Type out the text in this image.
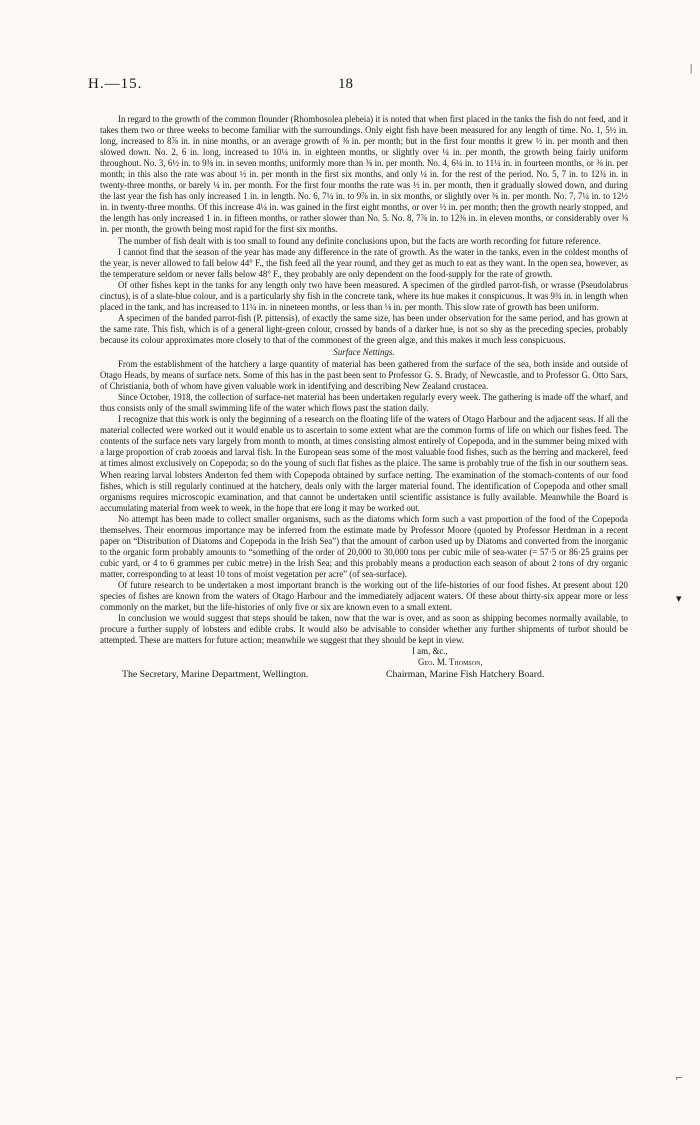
H.—15.	18

In regard to the growth of the common flounder (Rhombosolea plebeia) it is noted that when first placed in the tanks the fish do not feed, and it takes them two or three weeks to become familiar with the surroundings. Only eight fish have been measured for any length of time. No. 1, 5½ in. long, increased to 8⅞ in. in nine months, or an average growth of ⅜ in. per month; but in the first four months it grew ½ in. per month and then slowed down. No. 2, 6 in. long, increased to 10¼ in. in eighteen months, or slightly over ¼ in. per month, the growth being fairly uniform throughout. No. 3, 6½ in. to 9⅜ in. in seven months, uniformly more than ⅜ in. per month. No. 4, 6¼ in. to 11¼ in. in fourteen months, or ⅜ in. per month; in this also the rate was about ½ in. per month in the first six months, and only ¼ in. for the rest of the period. No. 5, 7 in. to 12¾ in. in twenty-three months, or barely ¼ in. per month. For the first four months the rate was ½ in. per month, then it gradually slowed down, and during the last year the fish has only increased 1 in. in length. No. 6, 7¼ in. to 9⅞ in. in six months, or slightly over ⅜ in. per month. No. 7, 7¼ in. to 12½ in. in twenty-three months. Of this increase 4¼ in. was gained in the first eight months, or over ½ in. per month; then the growth nearly stopped, and the length has only increased 1 in. in fifteen months, or rather slower than No. 5. No. 8, 7⅞ in. to 12⅜ in. in eleven months, or considerably over ⅜ in. per month, the growth being most rapid for the first six months.

The number of fish dealt with is too small to found any definite conclusions upon, but the facts are worth recording for future reference.

I cannot find that the season of the year has made any difference in the rate of growth. As the water in the tanks, even in the coldest months of the year, is never allowed to fall below 44° F., the fish feed all the year round, and they get as much to eat as they want. In the open sea, however, as the temperature seldom or never falls below 48° F., they probably are only dependent on the food-supply for the rate of growth.

Of other fishes kept in the tanks for any length only two have been measured. A specimen of the girdled parrot-fish, or wrasse (Pseudolabrus cinctus), is of a slate-blue colour, and is a particularly shy fish in the concrete tank, where its hue makes it conspicuous. It was 9¾ in. in length when placed in the tank, and has increased to 11¼ in. in nineteen months, or less than ⅛ in. per month. This slow rate of growth has been uniform.

A specimen of the banded parrot-fish (P. pittensis), of exactly the same size, has been under observation for the same period, and has grown at the same rate. This fish, which is of a general light-green colour, crossed by bands of a darker hue, is not so shy as the preceding species, probably because its colour approximates more closely to that of the commonest of the green algæ, and this makes it much less conspicuous.

Surface Nettings.

From the establishment of the hatchery a large quantity of material has been gathered from the surface of the sea, both inside and outside of Otago Heads, by means of surface nets. Some of this has in the past been sent to Professor G. S. Brady, of Newcastle, and to Professor G. Otto Sars, of Christiania, both of whom have given valuable work in identifying and describing New Zealand crustacea.

Since October, 1918, the collection of surface-net material has been undertaken regularly every week. The gathering is made off the wharf, and thus consists only of the small swimming life of the water which flows past the station daily.

I recognize that this work is only the beginning of a research on the floating life of the waters of Otago Harbour and the adjacent seas. If all the material collected were worked out it would enable us to ascertain to some extent what are the common forms of life on which our fishes feed. The contents of the surface nets vary largely from month to month, at times consisting almost entirely of Copepoda, and in the summer being mixed with a large proportion of crab zooeas and larval fish. In the European seas some of the most valuable food fishes, such as the herring and mackerel, feed at times almost exclusively on Copepoda; so do the young of such flat fishes as the plaice. The same is probably true of the fish in our southern seas. When rearing larval lobsters Anderton fed them with Copepoda obtained by surface netting. The examination of the stomach-contents of our food fishes, which is still regularly continued at the hatchery, deals only with the larger material found. The identification of Copepoda and other small organisms requires microscopic examination, and that cannot be undertaken until scientific assistance is fully available. Meanwhile the Board is accumulating material from week to week, in the hope that ere long it may be worked out.

No attempt has been made to collect smaller organisms, such as the diatoms which form such a vast proportion of the food of the Copepoda themselves. Their enormous importance may be inferred from the estimate made by Professor Moore (quoted by Professor Herdman in a recent paper on “Distribution of Diatoms and Copepoda in the Irish Sea”) that the amount of carbon used up by Diatoms and converted from the inorganic to the organic form probably amounts to “something of the order of 20,000 to 30,000 tons per cubic mile of sea-water (= 57·5 or 86·25 grains per cubic yard, or 4 to 6 grammes per cubic metre) in the Irish Sea; and this probably means a production each season of about 2 tons of dry organic matter, corresponding to at least 10 tons of moist vegetation per acre” (of sea-surface).

Of future research to be undertaken a most important branch is the working out of the life-histories of our food fishes. At present about 120 species of fishes are known from the waters of Otago Harbour and the immediately adjacent waters. Of these about thirty-six appear more or less commonly on the market, but the life-histories of only five or six are known even to a small extent.

In conclusion we would suggest that steps should be taken, now that the war is over, and as soon as shipping becomes normally available, to procure a further supply of lobsters and edible crabs. It would also be advisable to consider whether any further shipments of turbot should be attempted. These are matters for future action; meanwhile we suggest that they should be kept in view.

I am, &c.,
Geo. M. Thomson,
The Secretary, Marine Department, Wellington.	Chairman, Marine Fish Hatchery Board.
|
▾
⌐
